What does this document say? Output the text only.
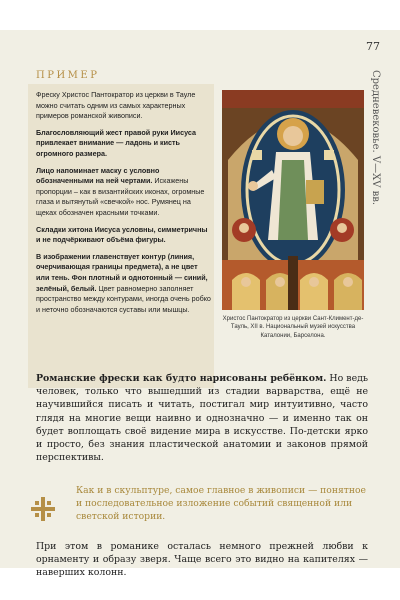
77
ПРИМЕР

Фреску Христос Пантократор из церкви в Тауле можно считать одним из самых характерных примеров романской живописи.

Благословляющий жест правой руки Иисуса привлекает внимание — ладонь и кисть огромного размера.

Лицо напоминает маску с условно обозначенными на ней чертами. Искажены пропорции – как в византийских иконах, огромные глаза и вытянутый «свечкой» нос. Румянец на щеках обозначен красными точками.

Складки хитона Иисуса условны, симметричны и не подчёркивают объёма фигуры.

В изображении главенствует контур (линия, очерчивающая границы предмета), а не цвет или тень. Фон плотный и однотонный — синий, зелёный, белый. Цвет равномерно заполняет пространство между контурами, иногда очень робко и неточно обозначаются суставы или мышцы.

Христос Пантократор из церкви Сант-Климент-де-Тауль, XII в. Национальный музей искусства Каталонии, Барселона.
Средневековье. V—XV вв.
Романские фрески как будто нарисованы ребёнком. Но ведь человек, только что вышедший из стадии варварства, ещё не научившийся писать и читать, постигал мир интуитивно, часто глядя на многие вещи наивно и однозначно — и именно так он будет воплощать своё видение мира в искусстве. По-детски ярко и просто, без знания пластической анатомии и законов прямой перспективы.
Как и в скульптуре, самое главное в живописи — понятное и последовательное изложение событий священной или светской истории.
При этом в романике осталась немного прежней любви к орнаменту и образу зверя. Чаще всего это видно на капителях — наверших колонн.
